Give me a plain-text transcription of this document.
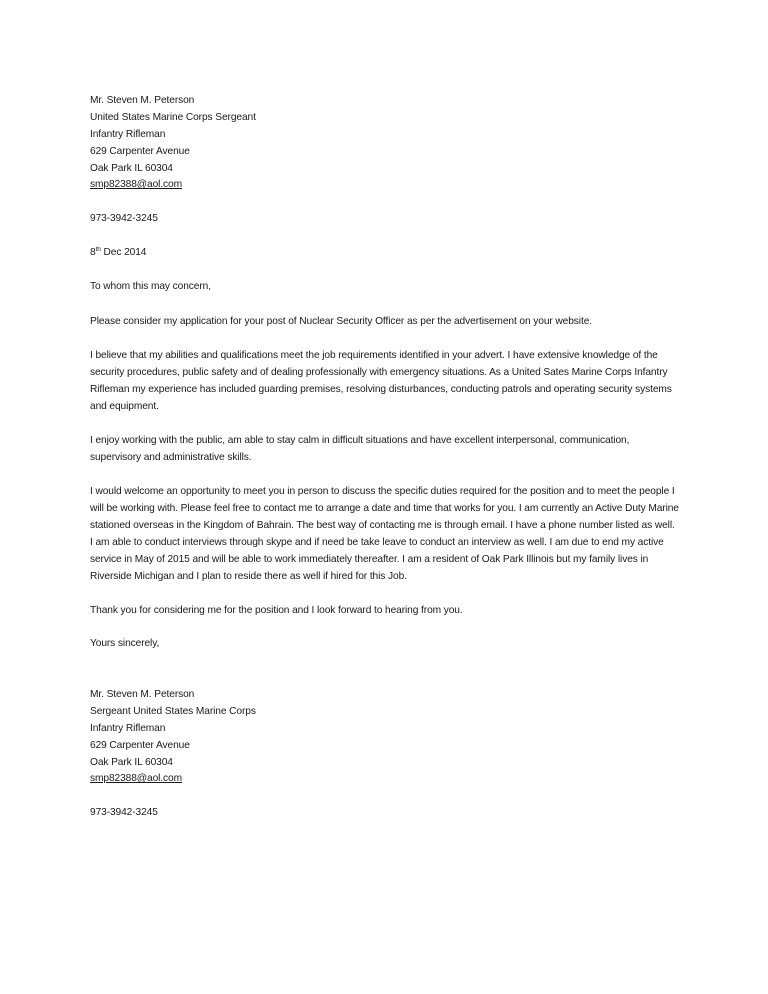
Mr. Steven M. Peterson
United States Marine Corps Sergeant
Infantry Rifleman
629 Carpenter Avenue
Oak Park IL 60304
smp82388@aol.com
973-3942-3245
8th Dec 2014
To whom this may concern,

Please consider my application for your post of Nuclear Security Officer as per the advertisement on your website.

I believe that my abilities and qualifications meet the job requirements identified in your advert. I have extensive knowledge of the security procedures, public safety and of dealing professionally with emergency situations. As a United Sates Marine Corps Infantry Rifleman my experience has included guarding premises, resolving disturbances, conducting patrols and operating security systems and equipment.

I enjoy working with the public, am able to stay calm in difficult situations and have excellent interpersonal, communication, supervisory and administrative skills.

I would welcome an opportunity to meet you in person to discuss the specific duties required for the position and to meet the people I will be working with. Please feel free to contact me to arrange a date and time that works for you. I am currently an Active Duty Marine stationed overseas in the Kingdom of Bahrain. The best way of contacting me is through email. I have a phone number listed as well. I am able to conduct interviews through skype and if need be take leave to conduct an interview as well. I am due to end my active service in May of 2015 and will be able to work immediately thereafter. I am a resident of Oak Park Illinois but my family lives in Riverside Michigan and I plan to reside there as well if hired for this Job.

Thank you for considering me for the position and I look forward to hearing from you.

Yours sincerely,
Mr. Steven M. Peterson
Sergeant United States Marine Corps
Infantry Rifleman
629 Carpenter Avenue
Oak Park IL 60304
smp82388@aol.com
973-3942-3245
